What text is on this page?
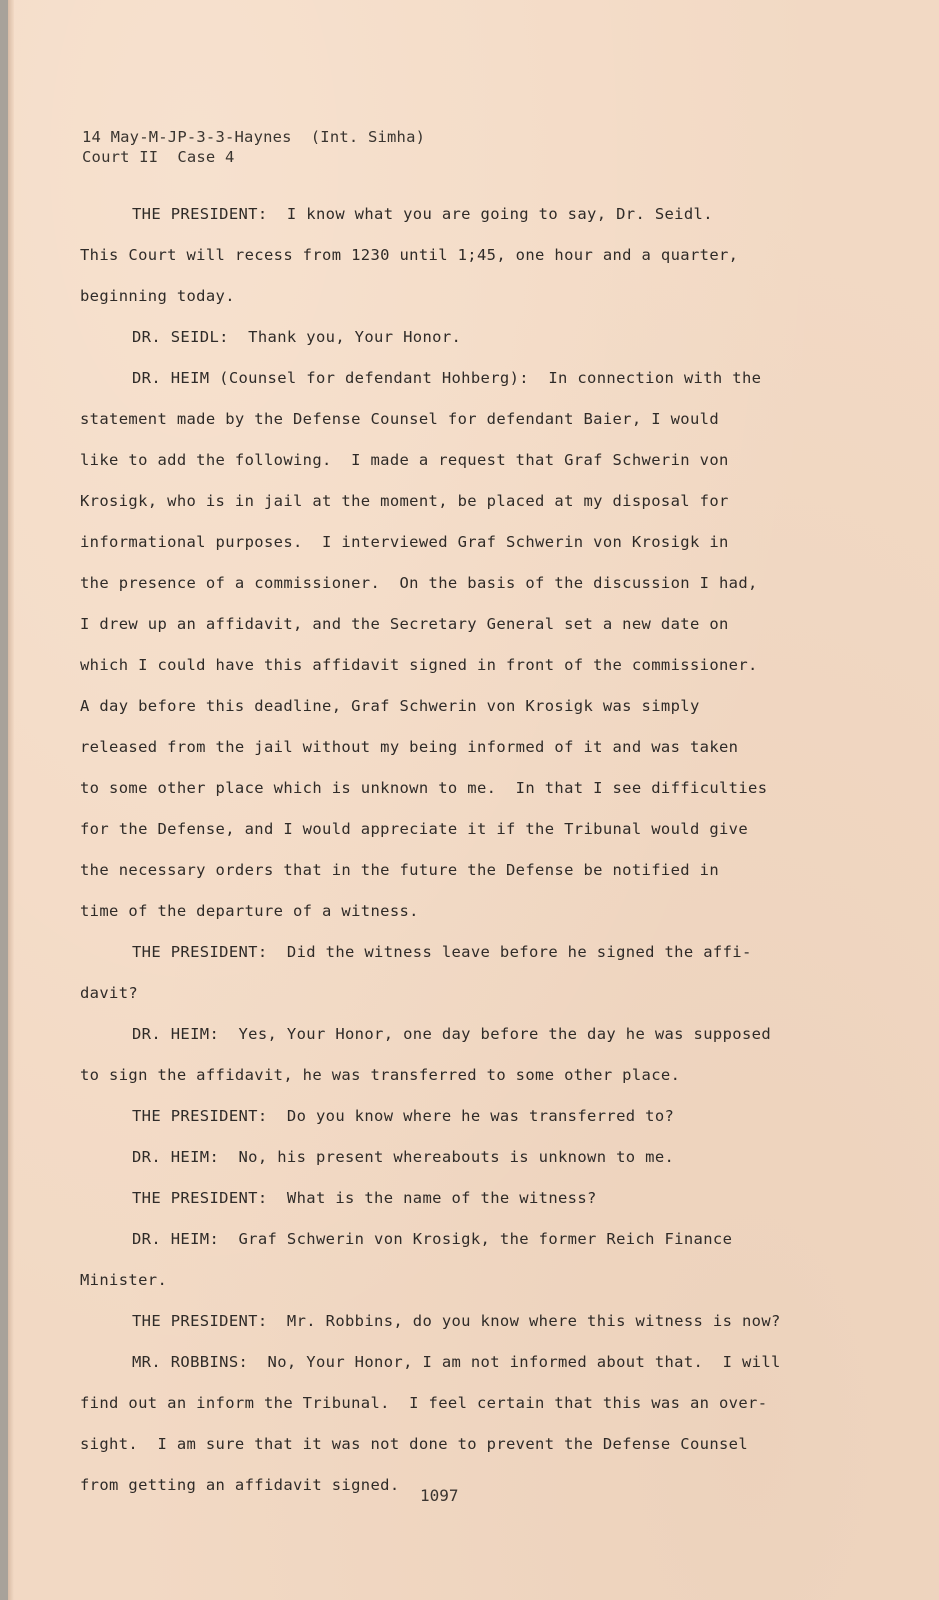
14 May-M-JP-3-3-Haynes  (Int. Simha)
Court II  Case 4
THE PRESIDENT:  I know what you are going to say, Dr. Seidl.
This Court will recess from 1230 until 1;45, one hour and a quarter,
beginning today.
DR. SEIDL:  Thank you, Your Honor.
DR. HEIM (Counsel for defendant Hohberg):  In connection with the
statement made by the Defense Counsel for defendant Baier, I would
like to add the following.  I made a request that Graf Schwerin von
Krosigk, who is in jail at the moment, be placed at my disposal for
informational purposes.  I interviewed Graf Schwerin von Krosigk in
the presence of a commissioner.  On the basis of the discussion I had,
I drew up an affidavit, and the Secretary General set a new date on
which I could have this affidavit signed in front of the commissioner.
A day before this deadline, Graf Schwerin von Krosigk was simply
released from the jail without my being informed of it and was taken
to some other place which is unknown to me.  In that I see difficulties
for the Defense, and I would appreciate it if the Tribunal would give
the necessary orders that in the future the Defense be notified in
time of the departure of a witness.
THE PRESIDENT:  Did the witness leave before he signed the affi-
davit?
DR. HEIM:  Yes, Your Honor, one day before the day he was supposed
to sign the affidavit, he was transferred to some other place.
THE PRESIDENT:  Do you know where he was transferred to?
DR. HEIM:  No, his present whereabouts is unknown to me.
THE PRESIDENT:  What is the name of the witness?
DR. HEIM:  Graf Schwerin von Krosigk, the former Reich Finance
Minister.
THE PRESIDENT:  Mr. Robbins, do you know where this witness is now?
MR. ROBBINS:  No, Your Honor, I am not informed about that.  I will
find out an inform the Tribunal.  I feel certain that this was an over-
sight.  I am sure that it was not done to prevent the Defense Counsel
from getting an affidavit signed.
1097
